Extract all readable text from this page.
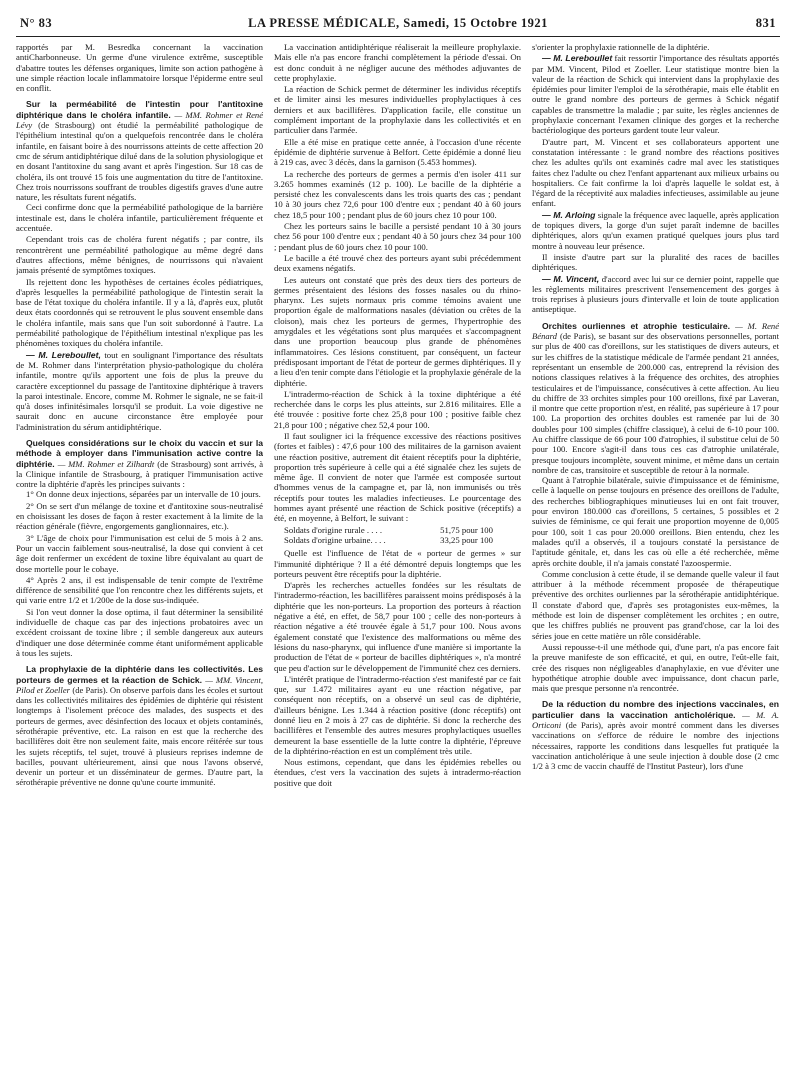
N° 83	LA PRESSE MÉDICALE, Samedi, 15 Octobre 1921	831

rapportés par M. Besredka concernant la vaccination antiCharbonneuse. Un germe d'une virulence extrême, susceptible d'abattre toutes les défenses organiques, limite son action pathogène à une simple réaction locale inflammatoire lorsque l'épiderme entre seul en conflit.

Sur la perméabilité de l'intestin pour l'antitoxine diphtérique dans le choléra infantile. — MM. Rohmer et René Lévy (de Strasbourg) ont étudié la perméabilité pathologique de l'épithélium intestinal qu'on a quelquefois rencontrée dans le choléra infantile, en faisant boire à des nourrissons atteints de cette affection 20 cmc de sérum antidiphtérique dilué dans de la solution physiologique et en dosant l'antitoxine du sang avant et après l'ingestion. Sur 18 cas de choléra, ils ont trouvé 15 fois une augmentation du titre de l'antitoxine. Chez trois nourrissons souffrant de troubles digestifs graves d'une autre nature, les résultats furent négatifs.

Ceci confirme donc que la perméabilité pathologique de la barrière intestinale est, dans le choléra infantile, particulièrement fréquente et accentuée.

Cependant trois cas de choléra furent négatifs ; par contre, ils rencontrèrent une perméabilité pathologique au même degré dans d'autres affections, même bénignes, de nourrissons qui n'avaient jamais présenté de symptômes toxiques.

Ils rejettent donc les hypothèses de certaines écoles pédiatriques, d'après lesquelles la perméabilité pathologique de l'intestin serait la base de l'état toxique du choléra infantile. Il y a là, d'après eux, plutôt deux états coordonnés qui se retrouvent le plus souvent ensemble dans le choléra infantile, mais sans que l'un soit subordonné à l'autre. La perméabilité pathologique de l'épithélium intestinal n'explique pas les phénomènes toxiques du choléra infantile.

— M. Lereboullet, tout en soulignant l'importance des résultats de M. Rohmer dans l'interprétation physio-pathologique du choléra infantile, montre qu'ils apportent une fois de plus la preuve du caractère exceptionnel du passage de l'antitoxine diphtérique à travers la paroi intestinale. Encore, comme M. Rohmer le signale, ne se fait-il qu'à doses infinitésimales lorsqu'il se produit. La voie digestive ne saurait donc en aucune circonstance être employée pour l'administration du sérum antidiphtérique.

Quelques considérations sur le choix du vaccin et sur la méthode à employer dans l'immunisation active contre la diphtérie. — MM. Rohmer et Zilhardt (de Strasbourg) sont arrivés, à la Clinique infantile de Strasbourg, à pratiquer l'immunisation active contre la diphtérie d'après les principes suivants :

1° On donne deux injections, séparées par un intervalle de 10 jours.

2° On se sert d'un mélange de toxine et d'antitoxine sous-neutralisé en choisissant les doses de façon à rester exactement à la limite de la réaction générale (fièvre, engorgements ganglionnaires, etc.).

3° L'âge de choix pour l'immunisation est celui de 5 mois à 2 ans. Pour un vaccin faiblement sous-neutralisé, la dose qui convient à cet âge doit renfermer un excédent de toxine libre équivalant au quart de dose mortelle pour le cobaye.

4° Après 2 ans, il est indispensable de tenir compte de l'extrême différence de sensibilité que l'on rencontre chez les différents sujets, et qui varie entre 1/2 et 1/200e de la dose sus-indiquée.

Si l'on veut donner la dose optima, il faut déterminer la sensibilité individuelle de chaque cas par des injections probatoires avec un excédent croissant de toxine libre ; il semble dangereux aux auteurs d'indiquer une dose déterminée comme étant uniformément applicable à tous les sujets.

La prophylaxie de la diphtérie dans les collectivités. Les porteurs de germes et la réaction de Schick. — MM. Vincent, Pilod et Zoeller (de Paris). On observe parfois dans les écoles et surtout dans les collectivités militaires des épidémies de diphtérie qui résistent longtemps à l'isolement précoce des malades, des suspects et des porteurs de germes, avec désinfection des locaux et objets contaminés, sérothérapie préventive, etc. La raison en est que la recherche des bacillifères doit être non seulement faite, mais encore réitérée sur tous les sujets réceptifs, tel sujet, trouvé à plusieurs reprises indemne de bacilles, pouvant ultérieurement, ainsi que nous l'avons observé, devenir un porteur et un disséminateur de germes. D'autre part, la sérothérapie préventive ne donne qu'une courte immunité.

La vaccination antidiphtérique réaliserait la meilleure prophylaxie. Mais elle n'a pas encore franchi complètement la période d'essai. On est donc conduit à ne négliger aucune des méthodes adjuvantes de cette prophylaxie.

La réaction de Schick permet de déterminer les individus réceptifs et de limiter ainsi les mesures individuelles prophylactiques à ces derniers et aux bacillifères. D'application facile, elle constitue un complément important de la prophylaxie dans les collectivités et en particulier dans l'armée.

Elle a été mise en pratique cette année, à l'occasion d'une récente épidémie de diphtérie survenue à Belfort. Cette épidémie a donné lieu à 219 cas, avec 3 décès, dans la garnison (5.453 hommes).

La recherche des porteurs de germes a permis d'en isoler 411 sur 3.265 hommes examinés (12 p. 100). Le bacille de la diphtérie a persisté chez les convalescents dans les trois quarts des cas ; pendant 10 à 30 jours chez 72,6 pour 100 d'entre eux ; pendant 40 à 60 jours chez 18,5 pour 100 ; pendant plus de 60 jours chez 10 pour 100.

Chez les porteurs sains le bacille a persisté pendant 10 à 30 jours chez 56 pour 100 d'entre eux ; pendant 40 à 50 jours chez 34 pour 100 ; pendant plus de 60 jours chez 10 pour 100.

Le bacille a été trouvé chez des porteurs ayant subi précédemment deux examens négatifs.

Les auteurs ont constaté que près des deux tiers des porteurs de germes présentaient des lésions des fosses nasales ou du rhino-pharynx. Les sujets normaux pris comme témoins avaient une proportion égale de malformations nasales (déviation ou crêtes de la cloison), mais chez les porteurs de germes, l'hypertrophie des amygdales et les végétations sont plus marquées et s'accompagnent dans une proportion beaucoup plus grande de phénomènes inflammatoires. Ces lésions constituent, par conséquent, un facteur prédisposant important de l'état de porteur de germes diphtériques. Il y a lieu d'en tenir compte dans l'étiologie et la prophylaxie générale de la diphtérie.

L'intradermo-réaction de Schick à la toxine diphtérique a été recherchée dans le corps les plus atteints, sur 2.816 militaires. Elle a été trouvée : positive forte chez 25,8 pour 100 ; positive faible chez 21,8 pour 100 ; négative chez 52,4 pour 100.

Il faut souligner ici la fréquence excessive des réactions positives (fortes et faibles) : 47,6 pour 100 des militaires de la garnison avaient une réaction positive, autrement dit étaient réceptifs pour la diphtérie, proportion très supérieure à celle qui a été signalée chez les sujets de même âge. Il convient de noter que l'armée est composée surtout d'hommes venus de la campagne et, par là, non immunisés ou très réceptifs pour toutes les maladies infectieuses. Le pourcentage des hommes ayant présenté une réaction de Schick positive (réceptifs) a été, en moyenne, à Belfort, le suivant :

Soldats d'origine rurale . . . .	51,75 pour 100
Soldats d'origine urbaine. . . .	33,25 pour 100

Quelle est l'influence de l'état de « porteur de germes » sur l'immunité diphtérique ? Il a été démontré depuis longtemps que les porteurs peuvent être réceptifs pour la diphtérie.

D'après les recherches actuelles fondées sur les résultats de l'intradermo-réaction, les bacillifères paraissent moins prédisposés à la diphtérie que les non-porteurs. La proportion des porteurs à réaction négative a été, en effet, de 58,7 pour 100 ; celle des non-porteurs à réaction négative a été trouvée égale à 51,7 pour 100. Nous avons également constaté que l'existence des malformations ou même des lésions du naso-pharynx, qui influence d'une manière si importante la production de l'état de « porteur de bacilles diphtériques », n'a montré que peu d'action sur le développement de l'immunité chez ces derniers.

L'intérêt pratique de l'intradermo-réaction s'est manifesté par ce fait que, sur 1.472 militaires ayant eu une réaction négative, par conséquent non réceptifs, on a observé un seul cas de diphtérie, d'ailleurs bénigne. Les 1.344 à réaction positive (donc réceptifs) ont donné lieu en 2 mois à 27 cas de diphtérie. Si donc la recherche des bacillifères et l'ensemble des autres mesures prophylactiques usuelles demeurent la base essentielle de la lutte contre la diphtérie, l'épreuve de la diphtérino-réaction en est un complément très utile.

Nous estimons, cependant, que dans les épidémies rebelles ou étendues, c'est vers la vaccination des sujets à intradermo-réaction positive que doit

s'orienter la prophylaxie rationnelle de la diphtérie.

— M. Lereboullet fait ressortir l'importance des résultats apportés par MM. Vincent, Pilod et Zoeller. Leur statistique montre bien la valeur de la réaction de Schick qui intervient dans la prophylaxie des épidémies pour limiter l'emploi de la sérothérapie, mais elle établit en outre le grand nombre des porteurs de germes à Schick négatif capables de transmettre la maladie ; par suite, les règles anciennes de prophylaxie concernant l'examen clinique des gorges et la recherche bactériologique des porteurs gardent toute leur valeur.

D'autre part, M. Vincent et ses collaborateurs apportent une constatation intéressante : le grand nombre des réactions positives chez les adultes qu'ils ont examinés cadre mal avec les statistiques faites chez l'adulte ou chez l'enfant appartenant aux milieux urbains ou hospitaliers. Ce fait confirme la loi d'après laquelle le soldat est, à l'égard de la réceptivité aux maladies infectieuses, assimilable au jeune enfant.

— M. Arloing signale la fréquence avec laquelle, après application de topiques divers, la gorge d'un sujet paraît indemne de bacilles diphtériques, alors qu'un examen pratiqué quelques jours plus tard montre à nouveau leur présence.

Il insiste d'autre part sur la pluralité des races de bacilles diphtériques.

— M. Vincent, d'accord avec lui sur ce dernier point, rappelle que les règlements militaires prescrivent l'ensemencement des gorges à trois reprises à plusieurs jours d'intervalle et loin de toute application antiseptique.

Orchites ourliennes et atrophie testiculaire. — M. René Bénard (de Paris), se basant sur des observations personnelles, portant sur plus de 400 cas d'oreillons, sur les statistiques de divers auteurs, et sur les chiffres de la statistique médicale de l'armée pendant 21 années, représentant un ensemble de 200.000 cas, entreprend la révision des notions classiques relatives à la fréquence des orchites, des atrophies testiculaires et de l'impuissance, consécutives à cette affection. Au lieu du chiffre de 33 orchites simples pour 100 oreillons, fixé par Laveran, il montre que cette proportion n'est, en réalité, pas supérieure à 17 pour 100. La proportion des orchites doubles est ramenée par lui de 30 doubles pour 100 simples (chiffre classique), à celui de 6-10 pour 100. Au chiffre classique de 66 pour 100 d'atrophies, il substitue celui de 50 pour 100. Encore s'agit-il dans tous ces cas d'atrophie unilatérale, presque toujours incomplète, souvent minime, et même dans un certain nombre de cas, transitoire et susceptible de retour à la normale.

Quant à l'atrophie bilatérale, suivie d'impuissance et de féminisme, celle à laquelle on pense toujours en présence des oreillons de l'adulte, des recherches bibliographiques minutieuses lui en ont fait trouver, pour environ 180.000 cas d'oreillons, 5 certaines, 5 possibles et 2 suivies de féminisme, ce qui ferait une proportion moyenne de 0,005 pour 100, soit 1 cas pour 20.000 oreillons. Bien entendu, chez les malades qu'il a observés, il a toujours constaté la persistance de l'aptitude génitale, et, dans les cas où elle a été recherchée, même après orchite double, il n'a jamais constaté l'azoospermie.

Comme conclusion à cette étude, il se demande quelle valeur il faut attribuer à la méthode récemment proposée de thérapeutique préventive des orchites ourliennes par la sérothérapie antidiphtérique. Il constate d'abord que, d'après ses protagonistes eux-mêmes, la méthode est loin de dispenser complètement les orchites ; en outre, que les chiffres publiés ne prouvent pas grand'chose, car la loi des séries joue en cette matière un rôle considérable.

Aussi repousse-t-il une méthode qui, d'une part, n'a pas encore fait la preuve manifeste de son efficacité, et qui, en outre, l'eût-elle fait, crée des risques non négligeables d'anaphylaxie, en vue d'éviter une hypothétique atrophie double avec impuissance, dont chacun parle, mais que presque personne n'a rencontrée.

De la réduction du nombre des injections vaccinales, en particulier dans la vaccination anticholérique. — M. A. Orticoni (de Paris), après avoir montré comment dans les diverses vaccinations on s'efforce de réduire le nombre des injections nécessaires, rapporte les conditions dans lesquelles fut pratiquée la vaccination anticholérique à une seule injection à double dose (2 cmc 1/2 à 3 cmc de vaccin chauffé de l'Institut Pasteur), lors d'une
